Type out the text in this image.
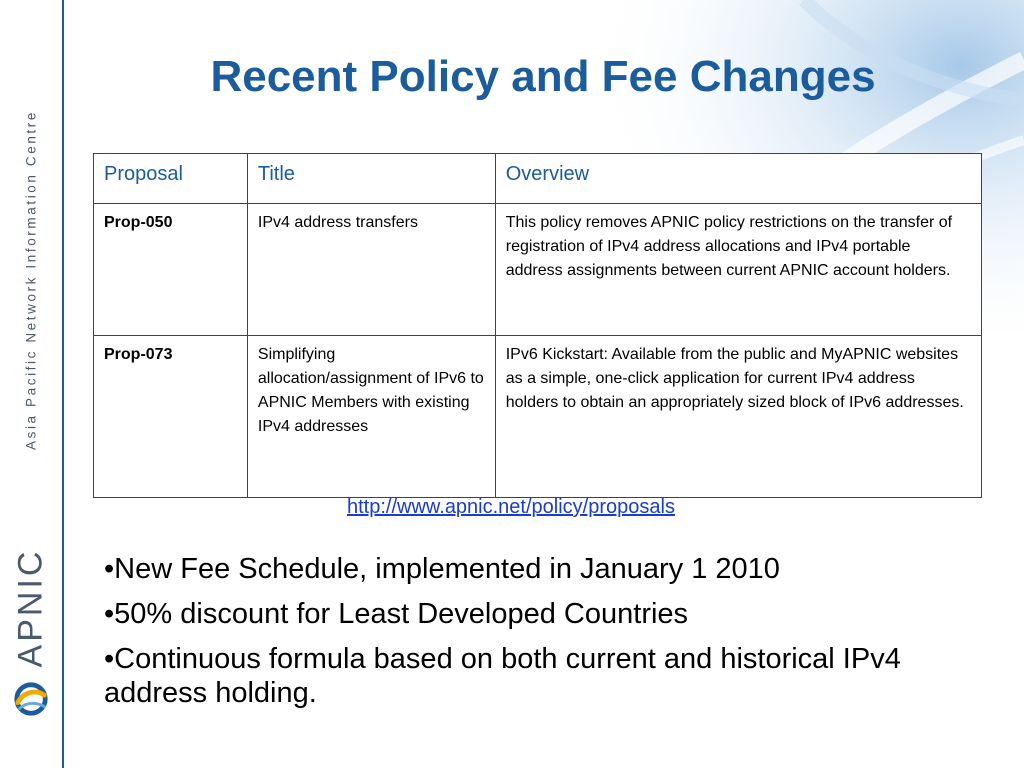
Asia Pacific Network Information Centre
APNIC
Recent Policy and Fee Changes
Proposal	Title	Overview
Prop-050	IPv4 address transfers	This policy removes APNIC policy restrictions on the transfer of registration of IPv4 address allocations and IPv4 portable address assignments between current APNIC account holders.
Prop-073	Simplifying allocation/assignment of IPv6 to APNIC Members with existing IPv4 addresses	IPv6 Kickstart: Available from the public and MyAPNIC websites as a simple, one-click application for current IPv4 address holders to obtain an appropriately sized block of IPv6 addresses.
http://www.apnic.net/policy/proposals
•New Fee Schedule, implemented in January 1 2010
•50% discount for Least Developed Countries
•Continuous formula based on both current and historical IPv4 address holding.
